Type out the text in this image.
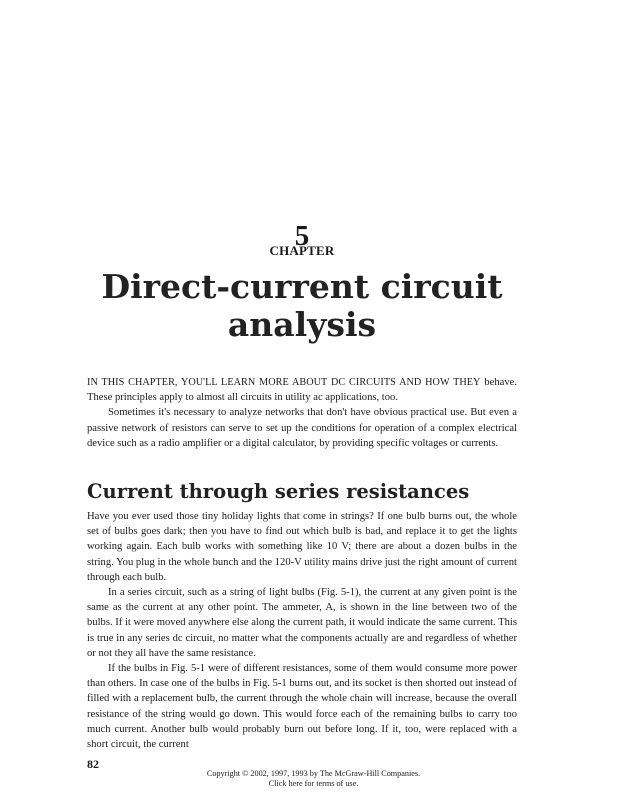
5
CHAPTER
Direct-current circuit analysis

IN THIS CHAPTER, YOU'LL LEARN MORE ABOUT DC CIRCUITS AND HOW THEY behave. These principles apply to almost all circuits in utility ac applications, too.

Sometimes it's necessary to analyze networks that don't have obvious practical use. But even a passive network of resistors can serve to set up the conditions for operation of a complex electrical device such as a radio amplifier or a digital calculator, by providing specific voltages or currents.

Current through series resistances

Have you ever used those tiny holiday lights that come in strings? If one bulb burns out, the whole set of bulbs goes dark; then you have to find out which bulb is bad, and replace it to get the lights working again. Each bulb works with something like 10 V; there are about a dozen bulbs in the string. You plug in the whole bunch and the 120-V utility mains drive just the right amount of current through each bulb.

In a series circuit, such as a string of light bulbs (Fig. 5-1), the current at any given point is the same as the current at any other point. The ammeter, A, is shown in the line between two of the bulbs. If it were moved anywhere else along the current path, it would indicate the same current. This is true in any series dc circuit, no matter what the components actually are and regardless of whether or not they all have the same resistance.

If the bulbs in Fig. 5-1 were of different resistances, some of them would consume more power than others. In case one of the bulbs in Fig. 5-1 burns out, and its socket is then shorted out instead of filled with a replacement bulb, the current through the whole chain will increase, because the overall resistance of the string would go down. This would force each of the remaining bulbs to carry too much current. Another bulb would probably burn out before long. If it, too, were replaced with a short circuit, the current

82
Copyright © 2002, 1997, 1993 by The McGraw-Hill Companies.
Click here for terms of use.
